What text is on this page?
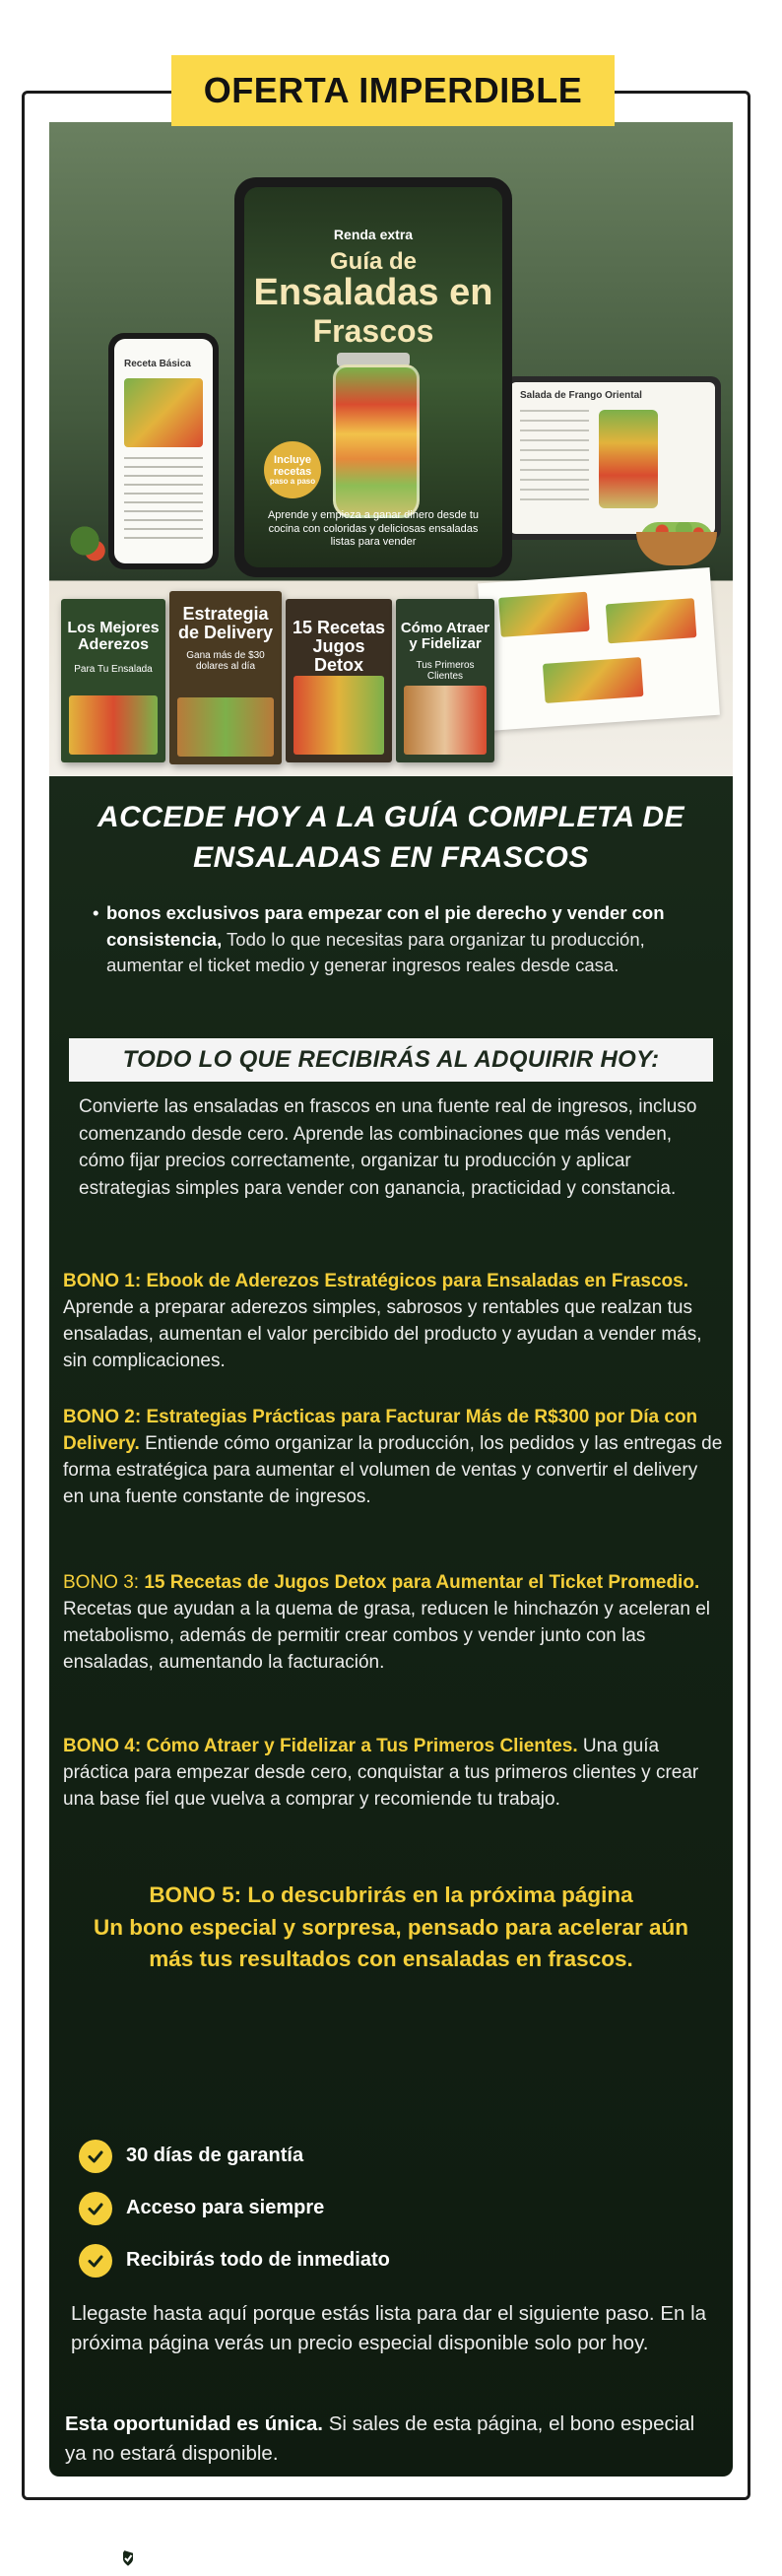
Receta Básica
Salada de Frango Oriental
Renda extra
Guía de
Ensaladas en
Frascos
Incluye
recetas
paso a paso
Aprende y empieza a ganar dinero desde tu cocina con coloridas y deliciosas ensaladas listas para vender
Los Mejores Aderezos
Para Tu Ensalada
Estrategia de Delivery
Gana más de $30 dolares al día
15 Recetas Jugos Detox
Cómo Atraer y Fidelizar
Tus Primeros Clientes
ACCEDE HOY A LA GUÍA COMPLETA DE ENSALADAS EN FRASCOS
• bonos exclusivos para empezar con el pie derecho y vender con consistencia, Todo lo que necesitas para organizar tu producción, aumentar el ticket medio y generar ingresos reales desde casa.
TODO LO QUE RECIBIRÁS AL ADQUIRIR HOY:
Convierte las ensaladas en frascos en una fuente real de ingresos, incluso comenzando desde cero. Aprende las combinaciones que más venden, cómo fijar precios correctamente, organizar tu producción y aplicar estrategias simples para vender con ganancia, practicidad y constancia.
BONO 1: Ebook de Aderezos Estratégicos para Ensaladas en Frascos. Aprende a preparar aderezos simples, sabrosos y rentables que realzan tus ensaladas, aumentan el valor percibido del producto y ayudan a vender más, sin complicaciones.
BONO 2: Estrategias Prácticas para Facturar Más de R$300 por Día con Delivery. Entiende cómo organizar la producción, los pedidos y las entregas de forma estratégica para aumentar el volumen de ventas y convertir el delivery en una fuente constante de ingresos.
BONO 3: 15 Recetas de Jugos Detox para Aumentar el Ticket Promedio. Recetas que ayudan a la quema de grasa, reducen le hinchazón y aceleran el metabolismo, además de permitir crear combos y vender junto con las ensaladas, aumentando la facturación.
BONO 4: Cómo Atraer y Fidelizar a Tus Primeros Clientes. Una guía práctica para empezar desde cero, conquistar a tus primeros clientes y crear una base fiel que vuelva a comprar y recomiende tu trabajo.
BONO 5: Lo descubrirás en la próxima página
Un bono especial y sorpresa, pensado para acelerar aún más tus resultados con ensaladas en frascos.
30 días de garantía
Acceso para siempre
Recibirás todo de inmediato
Llegaste hasta aquí porque estás lista para dar el siguiente paso. En la próxima página verás un precio especial disponible solo por hoy.
Esta oportunidad es única. Si sales de esta página, el bono especial ya no estará disponible.
Compra segura | Acceso inmediato | Garantía de 30 días
OFERTA IMPERDIBLE
